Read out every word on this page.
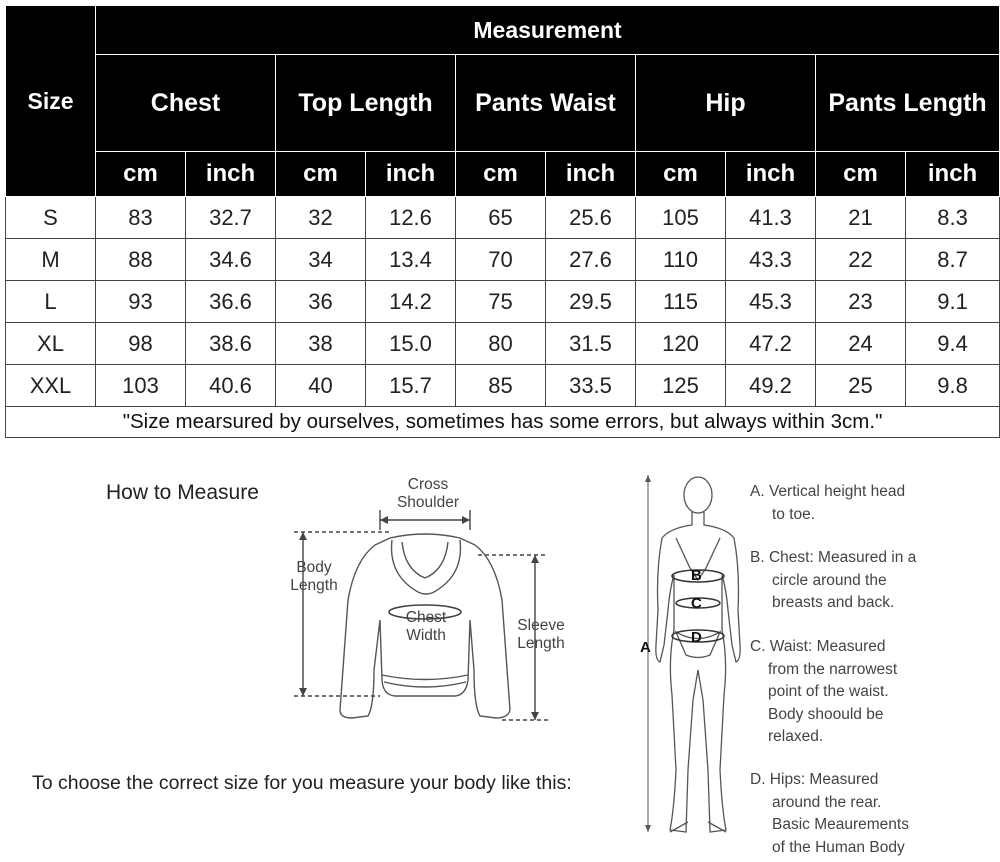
Size	Measurement									
	Chest		Top Length		Pants Waist		Hip		Pants Length	
	cm	inch	cm	inch	cm	inch	cm	inch	cm	inch
S	83	32.7	32	12.6	65	25.6	105	41.3	21	8.3
M	88	34.6	34	13.4	70	27.6	110	43.3	22	8.7
L	93	36.6	36	14.2	75	29.5	115	45.3	23	9.1
XL	98	38.6	38	15.0	80	31.5	120	47.2	24	9.4
XXL	103	40.6	40	15.7	85	33.5	125	49.2	25	9.8
"Size mearsured by ourselves, sometimes has some errors, but always within 3cm."										
How to Measure
To choose the correct size for you measure your body like this:
Cross
Shoulder
Body
Length
Chest
Width
Sleeve
Length
B
C
D
A
A. Vertical height head
to toe.
B. Chest: Measured in a
circle around the
breasts and back.
C. Waist: Measured
from the narrowest
point of the waist.
Body shoould be
relaxed.
D. Hips: Measured
around the rear.
Basic Meaurements
of the Human Body
